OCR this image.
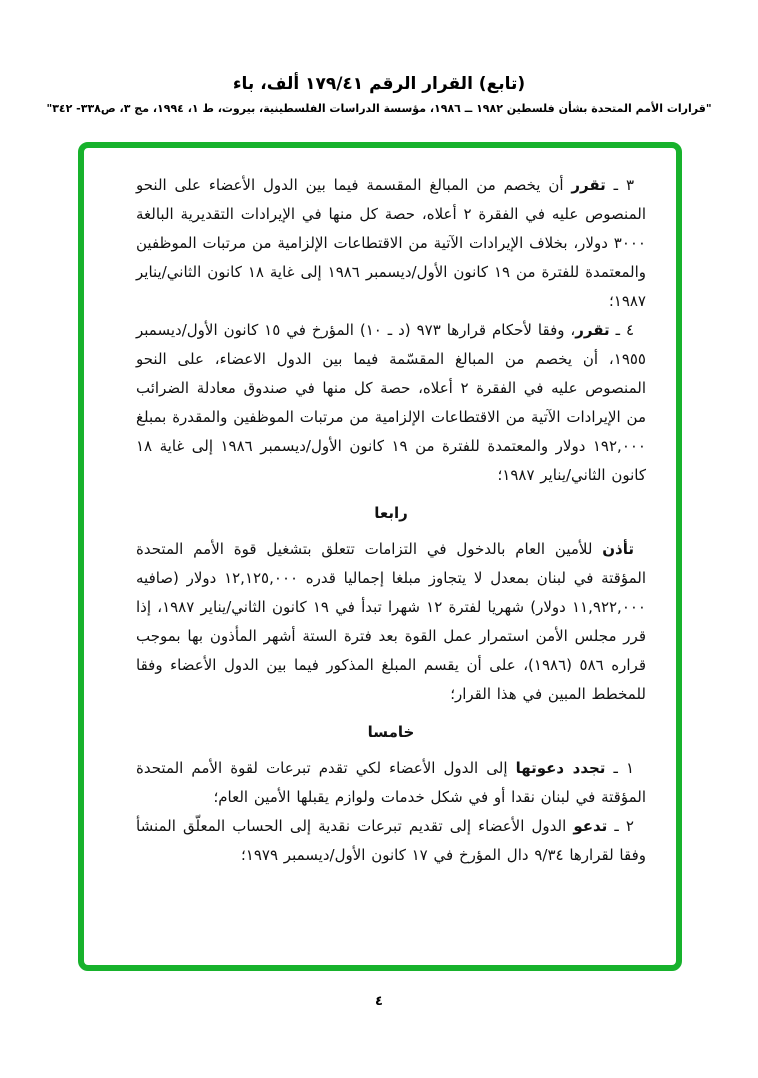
(تابع) القرار الرقم ١٧٩/٤١ ألف، باء
"قرارات الأمم المتحدة بشأن فلسطين ١٩٨٢ ــ ١٩٨٦، مؤسسة الدراسات الفلسطينية، بيروت، ط ١، ١٩٩٤، مج ٣، ص٣٣٨- ٣٤٢"

٣ ـ تقرر أن يخصم من المبالغ المقسمة فيما بين الدول الأعضاء على النحو المنصوص عليه في الفقرة ٢ أعلاه، حصة كل منها في الإيرادات التقديرية البالغة ٣٠٠٠ دولار، بخلاف الإيرادات الآتية من الاقتطاعات الإلزامية من مرتبات الموظفين والمعتمدة للفترة من ١٩ كانون الأول/ديسمبر ١٩٨٦ إلى غاية ١٨ كانون الثاني/يناير ١٩٨٧؛

٤ ـ تقرر، وفقا لأحكام قرارها ٩٧٣ (د ـ ١٠) المؤرخ في ١٥ كانون الأول/ديسمبر ١٩٥٥، أن يخصم من المبالغ المقسّمة فيما بين الدول الاعضاء، على النحو المنصوص عليه في الفقرة ٢ أعلاه، حصة كل منها في صندوق معادلة الضرائب من الإيرادات الآتية من الاقتطاعات الإلزامية من مرتبات الموظفين والمقدرة بمبلغ ١٩٢,٠٠٠ دولار والمعتمدة للفترة من ١٩ كانون الأول/ديسمبر ١٩٨٦ إلى غاية ١٨ كانون الثاني/يناير ١٩٨٧؛

رابعا

تأذن للأمين العام بالدخول في التزامات تتعلق بتشغيل قوة الأمم المتحدة المؤقتة في لبنان بمعدل لا يتجاوز مبلغا إجماليا قدره ١٢,١٢٥,٠٠٠ دولار (صافيه ١١,٩٢٢,٠٠٠ دولار) شهريا لفترة ١٢ شهرا تبدأ في ١٩ كانون الثاني/يناير ١٩٨٧، إذا قرر مجلس الأمن استمرار عمل القوة بعد فترة الستة أشهر المأذون بها بموجب قراره ٥٨٦ (١٩٨٦)، على أن يقسم المبلغ المذكور فيما بين الدول الأعضاء وفقا للمخطط المبين في هذا القرار؛

خامسا

١ ـ تجدد دعوتها إلى الدول الأعضاء لكي تقدم تبرعات لقوة الأمم المتحدة المؤقتة في لبنان نقدا أو في شكل خدمات ولوازم يقبلها الأمين العام؛

٢ ـ تدعو الدول الأعضاء إلى تقديم تبرعات نقدية إلى الحساب المعلّق المنشأ وفقا لقرارها ٩/٣٤ دال المؤرخ في ١٧ كانون الأول/ديسمبر ١٩٧٩؛

٤
